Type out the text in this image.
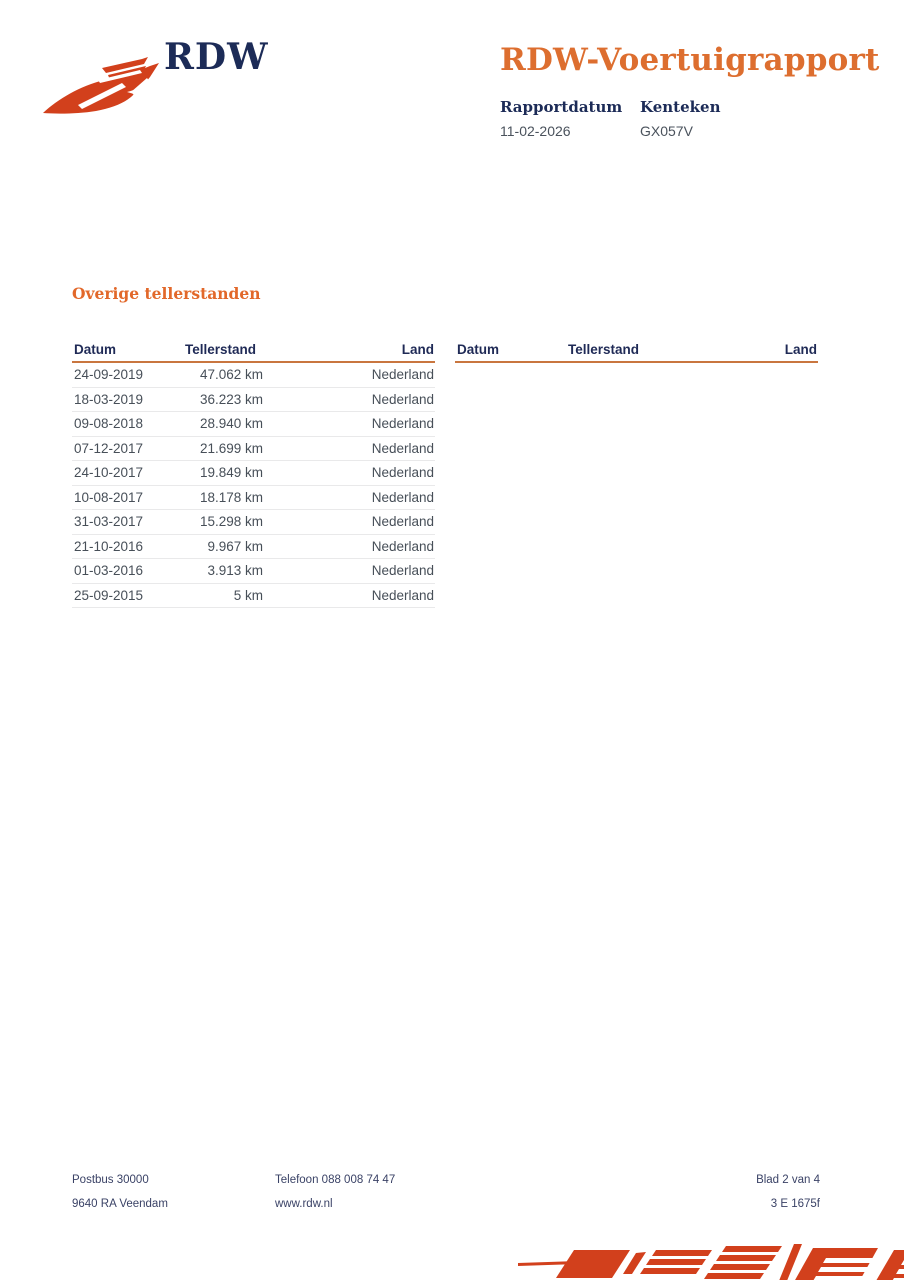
RDW	RDW-Voertuigrapport
Rapportdatum
11-02-2026
Kenteken
GX057V
Overige tellerstanden
Datum	Tellerstand	Land
24-09-2019	47.062 km	Nederland
18-03-2019	36.223 km	Nederland
09-08-2018	28.940 km	Nederland
07-12-2017	21.699 km	Nederland
24-10-2017	19.849 km	Nederland
10-08-2017	18.178 km	Nederland
31-03-2017	15.298 km	Nederland
21-10-2016	9.967 km	Nederland
01-03-2016	3.913 km	Nederland
25-09-2015	5 km	Nederland
Datum	Tellerstand	Land
Postbus 30000
9640 RA Veendam
Telefoon 088 008 74 47
www.rdw.nl
Blad 2 van 4
3 E 1675f
